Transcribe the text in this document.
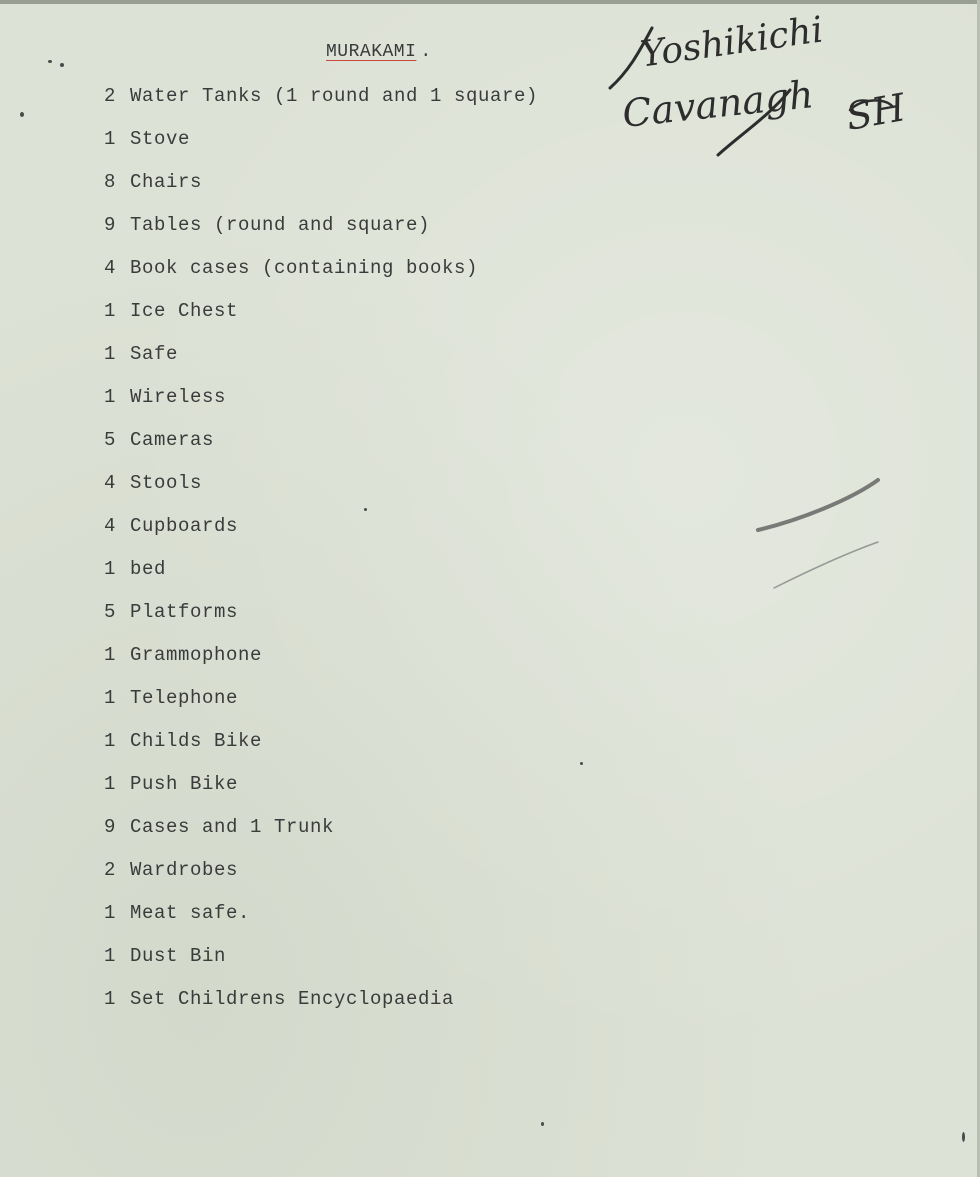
MURAKAMI .	Yoshikichi
Cavanagh SH
2 Water Tanks (1 round and 1 square)
1 Stove
8 Chairs
9 Tables (round and square)
4 Book cases (containing books)
1 Ice Chest
1 Safe
1 Wireless
5 Cameras
4 Stools
4 Cupboards
1 bed
5 Platforms
1 Grammophone
1 Telephone
1 Childs Bike
1 Push Bike
9 Cases and 1 Trunk
2 Wardrobes
1 Meat safe.
1 Dust Bin
1 Set Childrens Encyclopaedia
